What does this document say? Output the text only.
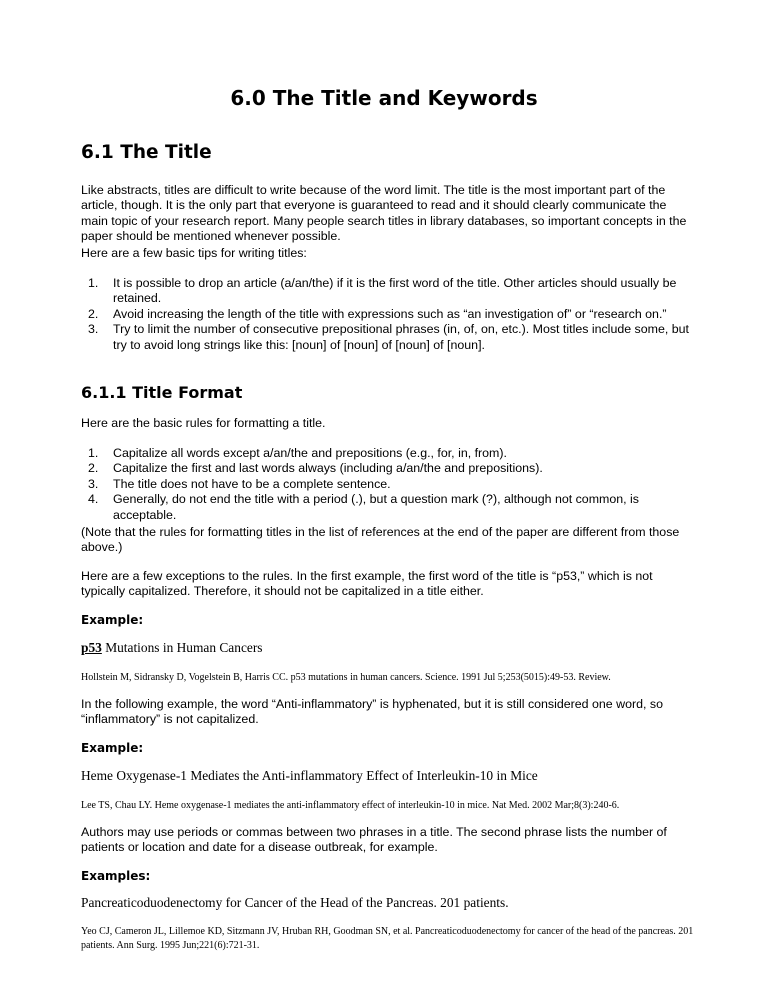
6.0 The Title and Keywords
6.1 The Title

Like abstracts, titles are difficult to write because of the word limit. The title is the most important part of the article, though. It is the only part that everyone is guaranteed to read and it should clearly communicate the main topic of your research report. Many people search titles in library databases, so important concepts in the paper should be mentioned whenever possible.

Here are a few basic tips for writing titles:

1. It is possible to drop an article (a/an/the) if it is the first word of the title. Other articles should usually be retained.
2. Avoid increasing the length of the title with expressions such as “an investigation of” or “research on.”
3. Try to limit the number of consecutive prepositional phrases (in, of, on, etc.). Most titles include some, but try to avoid long strings like this: [noun] of [noun] of [noun] of [noun].
6.1.1 Title Format

Here are the basic rules for formatting a title.

1. Capitalize all words except a/an/the and prepositions (e.g., for, in, from).
2. Capitalize the first and last words always (including a/an/the and prepositions).
3. The title does not have to be a complete sentence.
4. Generally, do not end the title with a period (.), but a question mark (?), although not common, is acceptable.

(Note that the rules for formatting titles in the list of references at the end of the paper are different from those above.)

Here are a few exceptions to the rules. In the first example, the first word of the title is “p53,” which is not typically capitalized. Therefore, it should not be capitalized in a title either.

Example:
p53 Mutations in Human Cancers
Hollstein M, Sidransky D, Vogelstein B, Harris CC. p53 mutations in human cancers. Science. 1991 Jul 5;253(5015):49-53. Review.

In the following example, the word “Anti-inflammatory” is hyphenated, but it is still considered one word, so “inflammatory” is not capitalized.

Example:
Heme Oxygenase-1 Mediates the Anti-inflammatory Effect of Interleukin-10 in Mice
Lee TS, Chau LY. Heme oxygenase-1 mediates the anti-inflammatory effect of interleukin-10 in mice. Nat Med. 2002 Mar;8(3):240-6.

Authors may use periods or commas between two phrases in a title. The second phrase lists the number of patients or location and date for a disease outbreak, for example.

Examples:
Pancreaticoduodenectomy for Cancer of the Head of the Pancreas. 201 patients.
Yeo CJ, Cameron JL, Lillemoe KD, Sitzmann JV, Hruban RH, Goodman SN, et al. Pancreaticoduodenectomy for cancer of the head of the pancreas. 201 patients. Ann Surg. 1995 Jun;221(6):721-31.
